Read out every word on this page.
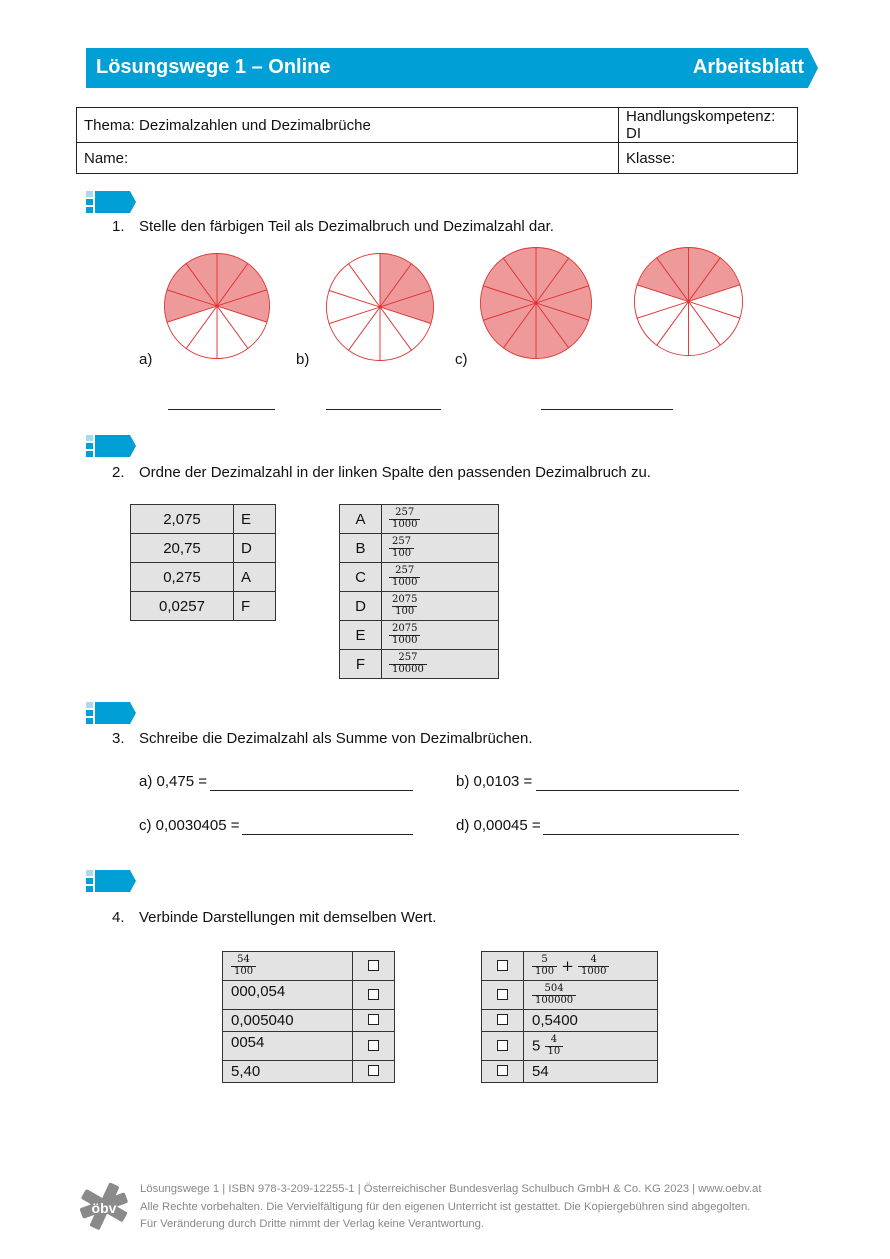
Lösungswege 1 – Online	Arbeitsblatt
Thema: Dezimalzahlen und Dezimalbrüche	Handlungskompetenz: DI
Name:	Klasse:
1. Stelle den färbigen Teil als Dezimalbruch und Dezimalzahl dar.
a)	b)	c)
2. Ordne der Dezimalzahl in der linken Spalte den passenden Dezimalbruch zu.
2,075	E
20,75	D
0,275	A
0,0257	F
A	$\frac{257}{1000}$

B	$\frac{257}{100}$

C	$\frac{257}{1000}$

D	$\frac{2075}{100}$

E	$\frac{2075}{1000}$

F	$\frac{257}{10000}$
3. Schreibe die Dezimalzahl als Summe von Dezimalbrüchen.
a) 0,475 =	b) 0,0103 =
c) 0,0030405 =	d) 0,00045 =
4. Verbinde Darstellungen mit demselben Wert.
$\frac{54}{100}$

000,054	
0,005040	
0054	
5,40	

	$\frac{5}{100} + \frac{4}{1000}$

	$\frac{504}{100000}$

	0,5400
	$5 \frac{4}{10}$

	54
öbv
Lösungswege 1 | ISBN 978-3-209-12255-1 | Österreichischer Bundesverlag Schulbuch GmbH & Co. KG 2023 | www.oebv.at
Alle Rechte vorbehalten. Die Vervielfältigung für den eigenen Unterricht ist gestattet. Die Kopiergebühren sind abgegolten.
Für Veränderung durch Dritte nimmt der Verlag keine Verantwortung.
